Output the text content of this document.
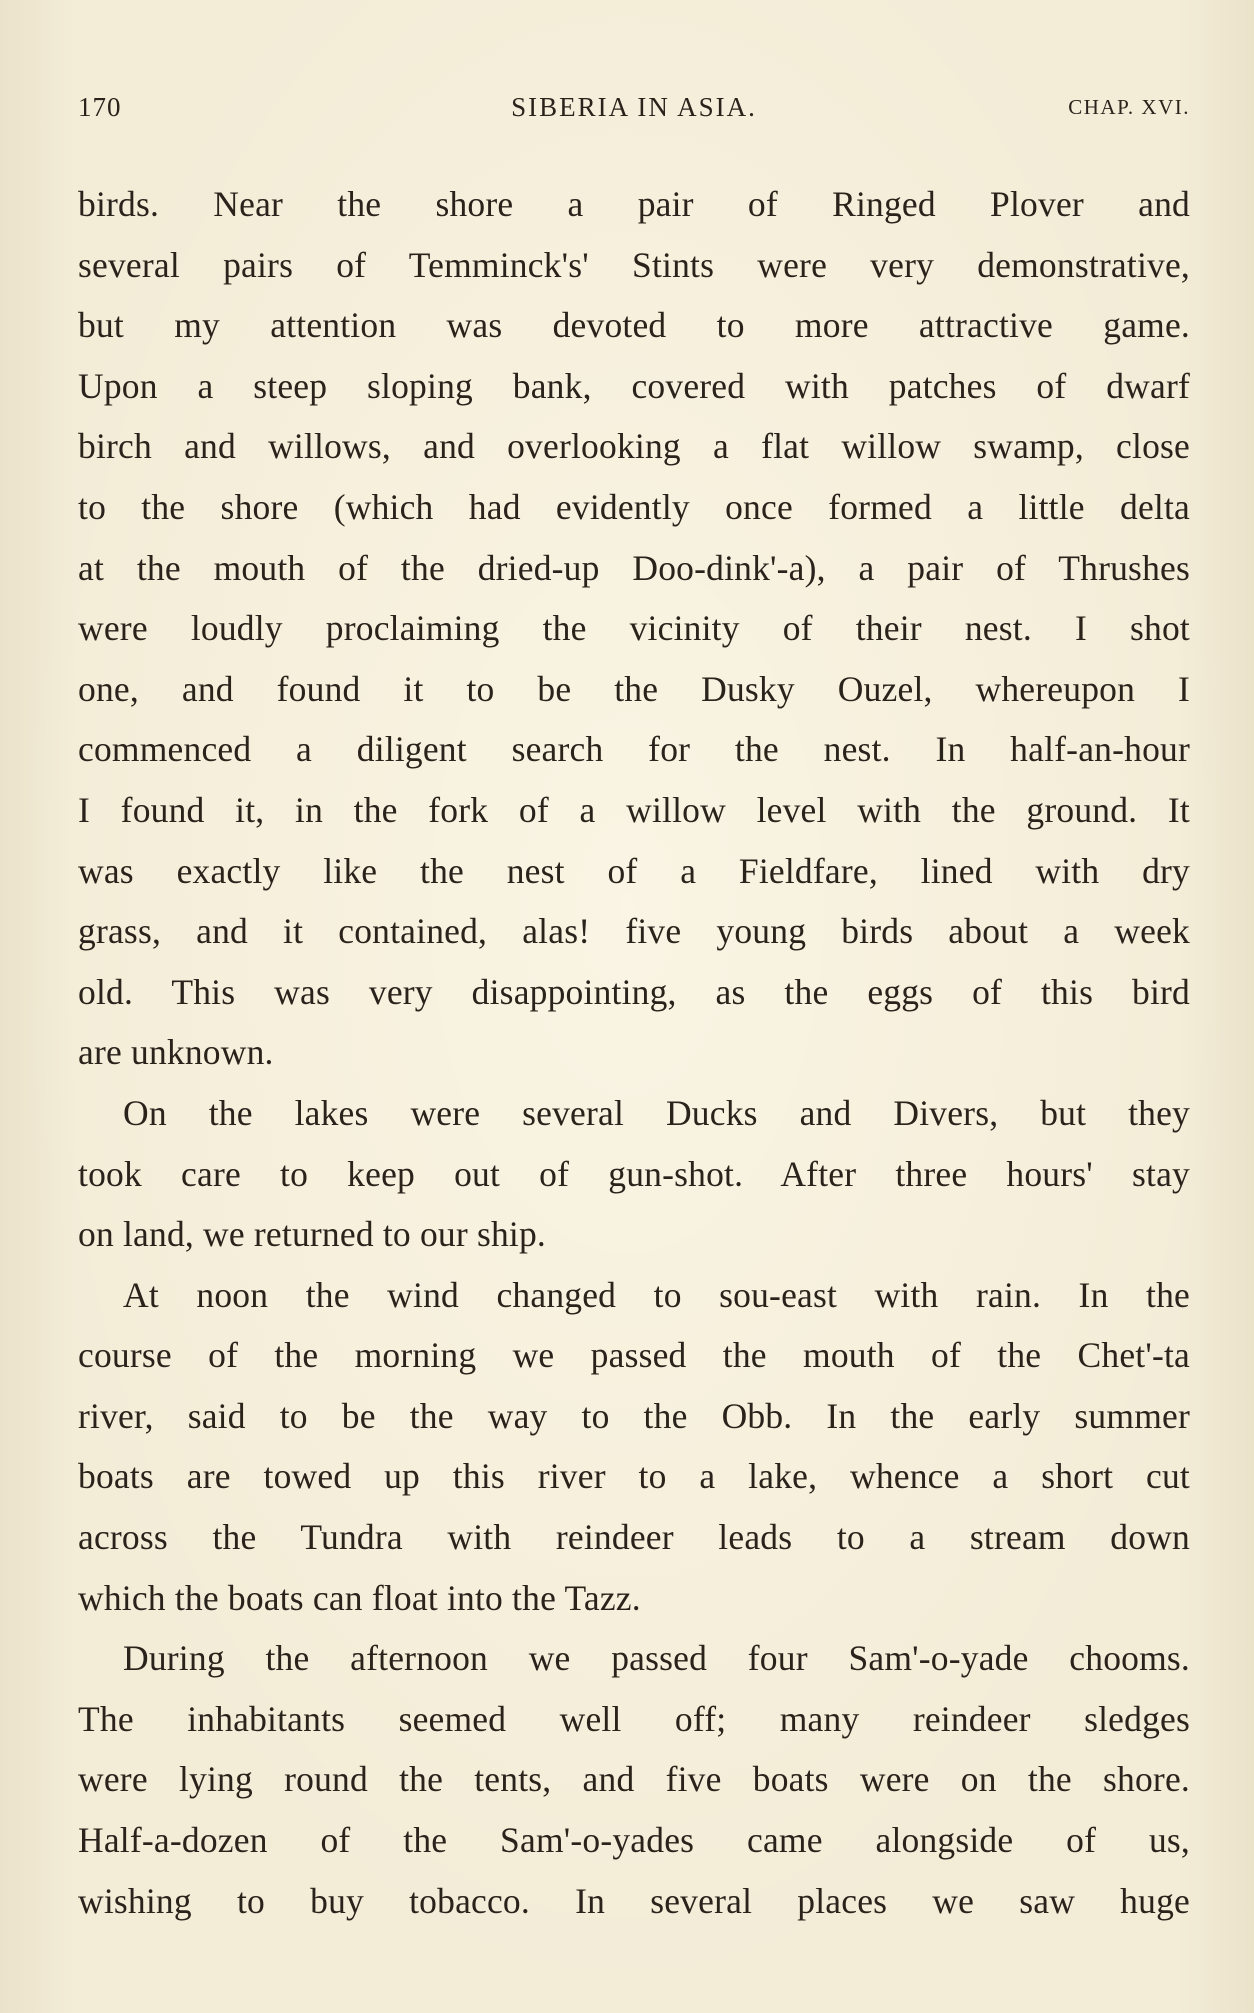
170	SIBERIA IN ASIA.	CHAP. XVI.
birds. Near the shore a pair of Ringed Plover and
several pairs of Temminck's' Stints were very demonstrative,
but my attention was devoted to more attractive game.
Upon a steep sloping bank, covered with patches of dwarf
birch and willows, and overlooking a flat willow swamp, close
to the shore (which had evidently once formed a little delta
at the mouth of the dried-up Doo-dink'-a), a pair of Thrushes
were loudly proclaiming the vicinity of their nest. I shot
one, and found it to be the Dusky Ouzel, whereupon I
commenced a diligent search for the nest. In half-an-hour
I found it, in the fork of a willow level with the ground. It
was exactly like the nest of a Fieldfare, lined with dry
grass, and it contained, alas! five young birds about a week
old. This was very disappointing, as the eggs of this bird
are unknown.
On the lakes were several Ducks and Divers, but they
took care to keep out of gun-shot. After three hours' stay
on land, we returned to our ship.
At noon the wind changed to sou-east with rain. In the
course of the morning we passed the mouth of the Chet'-ta
river, said to be the way to the Obb. In the early summer
boats are towed up this river to a lake, whence a short cut
across the Tundra with reindeer leads to a stream down
which the boats can float into the Tazz.
During the afternoon we passed four Sam'-o-yade chooms.
The inhabitants seemed well off; many reindeer sledges
were lying round the tents, and five boats were on the shore.
Half-a-dozen of the Sam'-o-yades came alongside of us,
wishing to buy tobacco. In several places we saw huge
